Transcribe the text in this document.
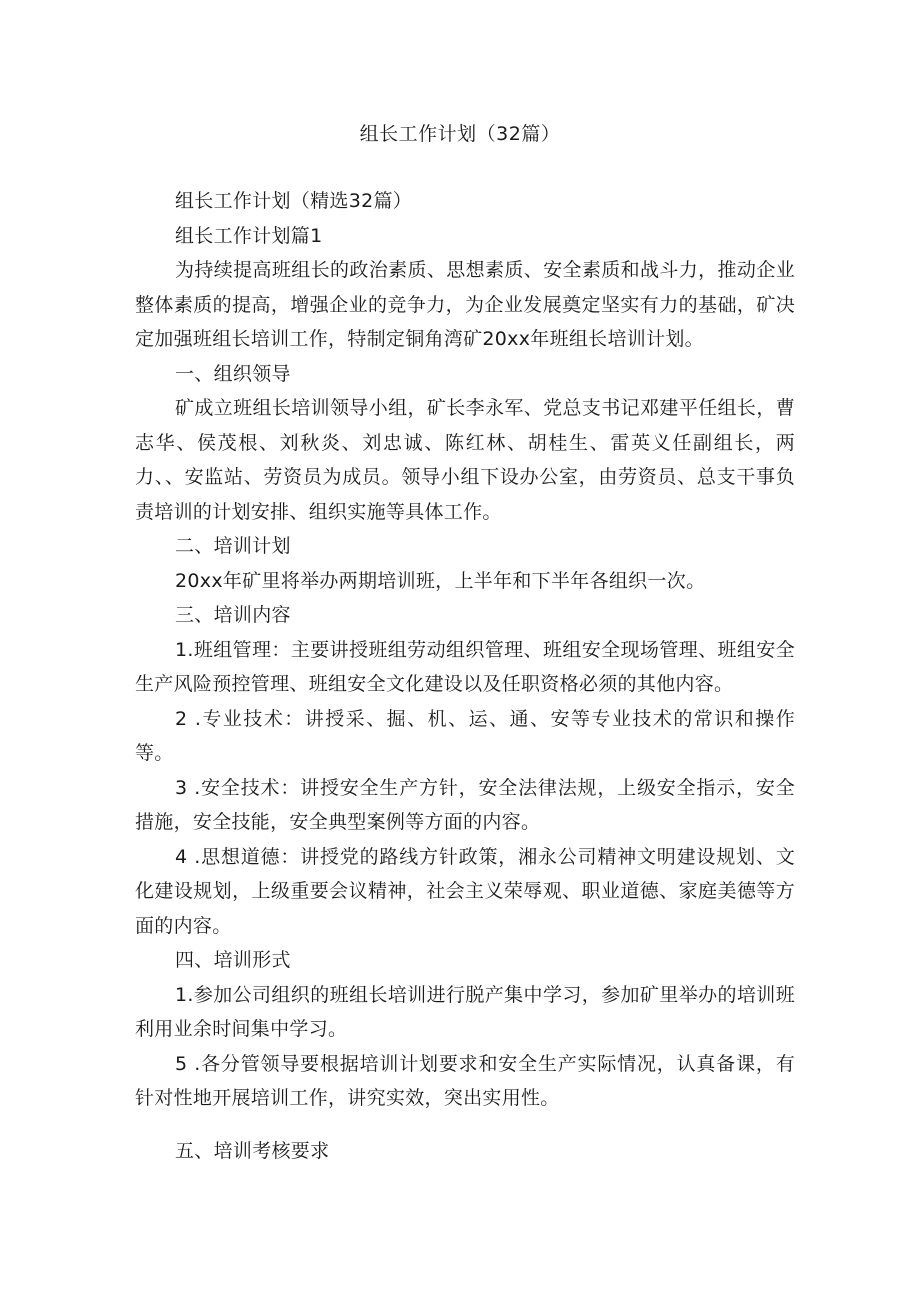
组长工作计划（32篇）

组长工作计划（精选32篇）

组长工作计划篇1

为持续提高班组长的政治素质、思想素质、安全素质和战斗力，推动企业整体素质的提高，增强企业的竞争力，为企业发展奠定坚实有力的基础，矿决定加强班组长培训工作，特制定铜角湾矿20xx年班组长培训计划。

一、组织领导

矿成立班组长培训领导小组，矿长李永军、党总支书记邓建平任组长，曹志华、侯茂根、刘秋炎、刘忠诚、陈红林、胡桂生、雷英义任副组长，两力、、安监站、劳资员为成员。领导小组下设办公室，由劳资员、总支干事负责培训的计划安排、组织实施等具体工作。

二、培训计划

20xx年矿里将举办两期培训班，上半年和下半年各组织一次。

三、培训内容

1.班组管理：主要讲授班组劳动组织管理、班组安全现场管理、班组安全生产风险预控管理、班组安全文化建设以及任职资格必须的其他内容。

2 .专业技术：讲授采、掘、机、运、通、安等专业技术的常识和操作等。

3 .安全技术：讲授安全生产方针，安全法律法规，上级安全指示，安全措施，安全技能，安全典型案例等方面的内容。

4 .思想道德：讲授党的路线方针政策，湘永公司精神文明建设规划、文化建设规划，上级重要会议精神，社会主义荣辱观、职业道德、家庭美德等方面的内容。

四、培训形式

1.参加公司组织的班组长培训进行脱产集中学习，参加矿里举办的培训班利用业余时间集中学习。

5 .各分管领导要根据培训计划要求和安全生产实际情况，认真备课，有针对性地开展培训工作，讲究实效，突出实用性。

五、培训考核要求
